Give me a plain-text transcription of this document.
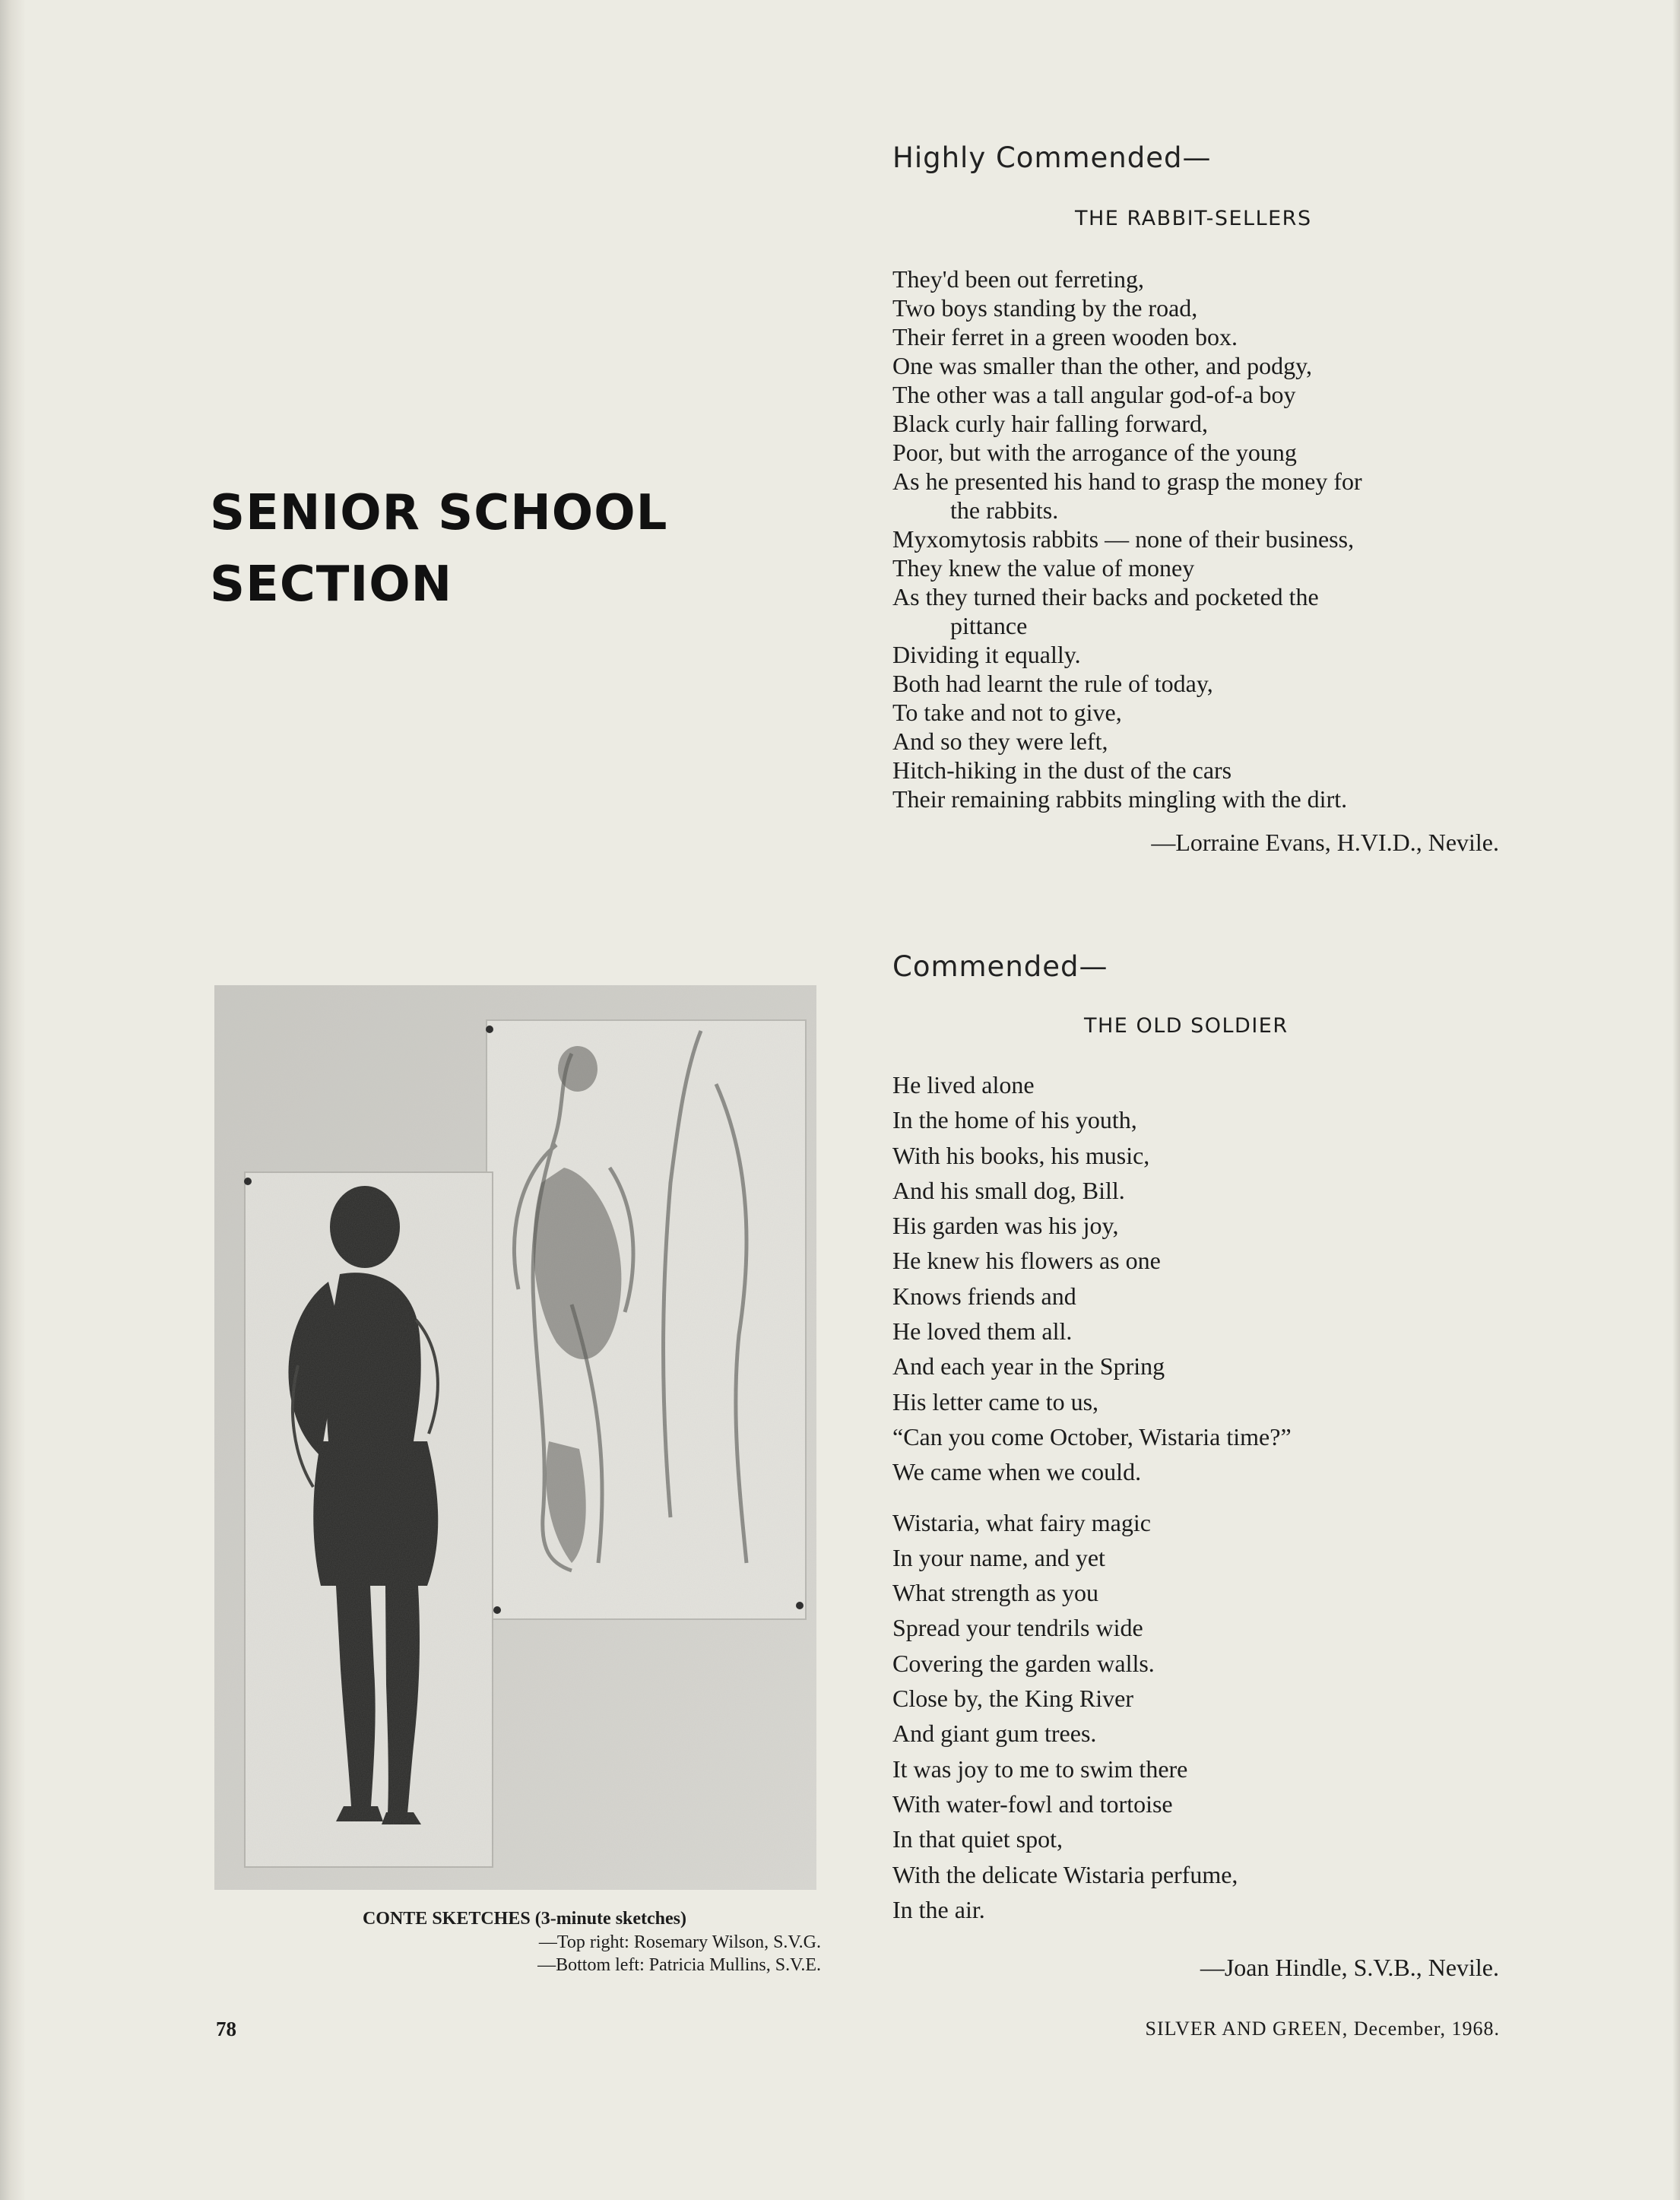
SENIOR SCHOOL
SECTION
Highly Commended—
THE RABBIT-SELLERS
They'd been out ferreting,
Two boys standing by the road,
Their ferret in a green wooden box.
One was smaller than the other, and podgy,
The other was a tall angular god-of-a boy
Black curly hair falling forward,
Poor, but with the arrogance of the young
As he presented his hand to grasp the money for
the rabbits.
Myxomytosis rabbits — none of their business,
They knew the value of money
As they turned their backs and pocketed the
pittance
Dividing it equally.
Both had learnt the rule of today,
To take and not to give,
And so they were left,
Hitch-hiking in the dust of the cars
Their remaining rabbits mingling with the dirt.
—Lorraine Evans, H.VI.D., Nevile.
Commended—
THE OLD SOLDIER
He lived alone
In the home of his youth,
With his books, his music,
And his small dog, Bill.
His garden was his joy,
He knew his flowers as one
Knows friends and
He loved them all.
And each year in the Spring
His letter came to us,
“Can you come October, Wistaria time?”
We came when we could.
Wistaria, what fairy magic
In your name, and yet
What strength as you
Spread your tendrils wide
Covering the garden walls.
Close by, the King River
And giant gum trees.
It was joy to me to swim there
With water-fowl and tortoise
In that quiet spot,
With the delicate Wistaria perfume,
In the air.
—Joan Hindle, S.V.B., Nevile.
CONTE SKETCHES (3-minute sketches)
—Top right: Rosemary Wilson, S.V.G.
—Bottom left: Patricia Mullins, S.V.E.
78	SILVER AND GREEN, December, 1968.
